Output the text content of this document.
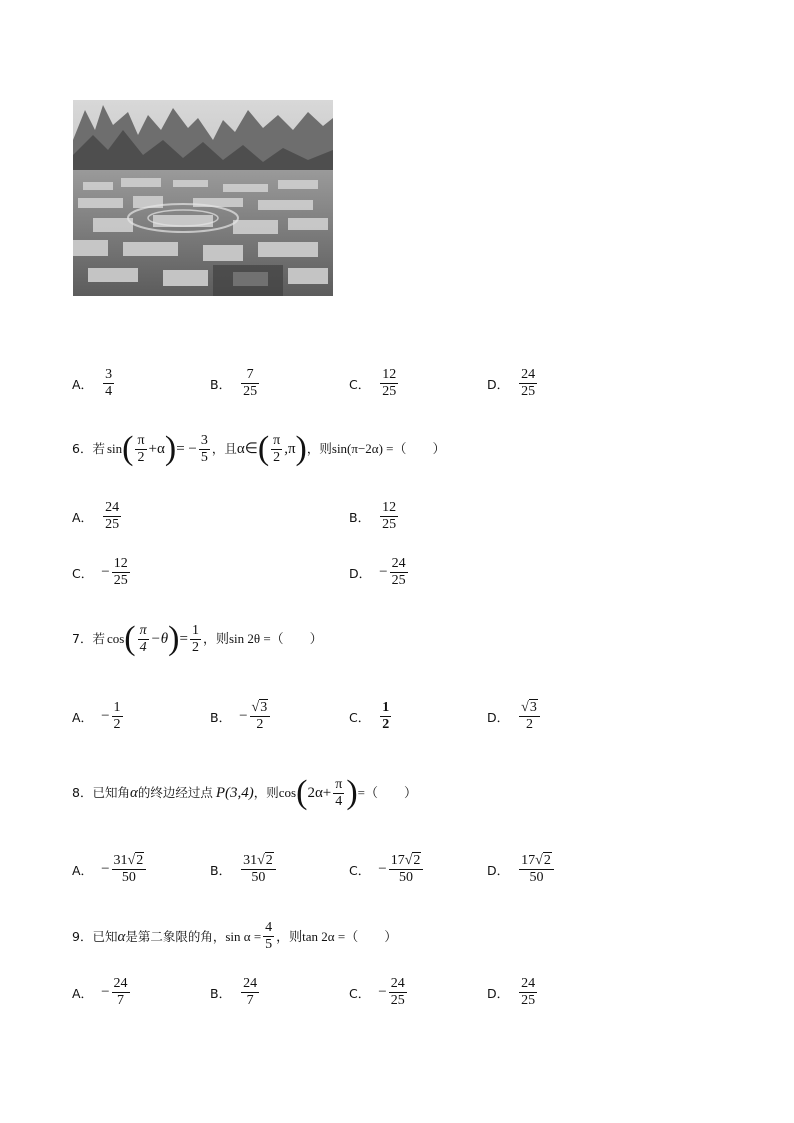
A． $\frac{3}{4}$	B． $\frac{7}{25}$	C． $\frac{12}{25}$	D． $\frac{24}{25}$
6．若 sin ( $\frac{\pi}{2} +\alpha$ ) = − $\frac{3}{5}$ ，且 α∈ ( $\frac{\pi}{2} ,\pi$ ) ，则 sin(π−2α) =（　　）
A． $\frac{24}{25}$	B． $\frac{12}{25}$
C． − $\frac{12}{25}$	D． − $\frac{24}{25}$
7．若 cos ( $\frac{\pi}{4} -\theta$ ) = $\frac{1}{2}$ ，则sin 2θ =（　　）
A． − $\frac{1}{2}$	B． − $\frac{√3}{2}$	C． $\frac{1}{2}$	D． $\frac{√3}{2}$
8．已知角 α 的终边经过点 P(3,4) ，则 cos ( $2\alpha+ \frac{\pi}{4}$ ) =（　　）
A． − $\frac{31√2}{50}$	B． $\frac{31√2}{50}$	C． − $\frac{17√2}{50}$	D． $\frac{17√2}{50}$
9．已知 α 是第二象限的角， $\sin \alpha = \frac{4}{5}$ ，则tan 2α =（　　）
A． − $\frac{24}{7}$	B． $\frac{24}{7}$	C． − $\frac{24}{25}$	D． $\frac{24}{25}$
